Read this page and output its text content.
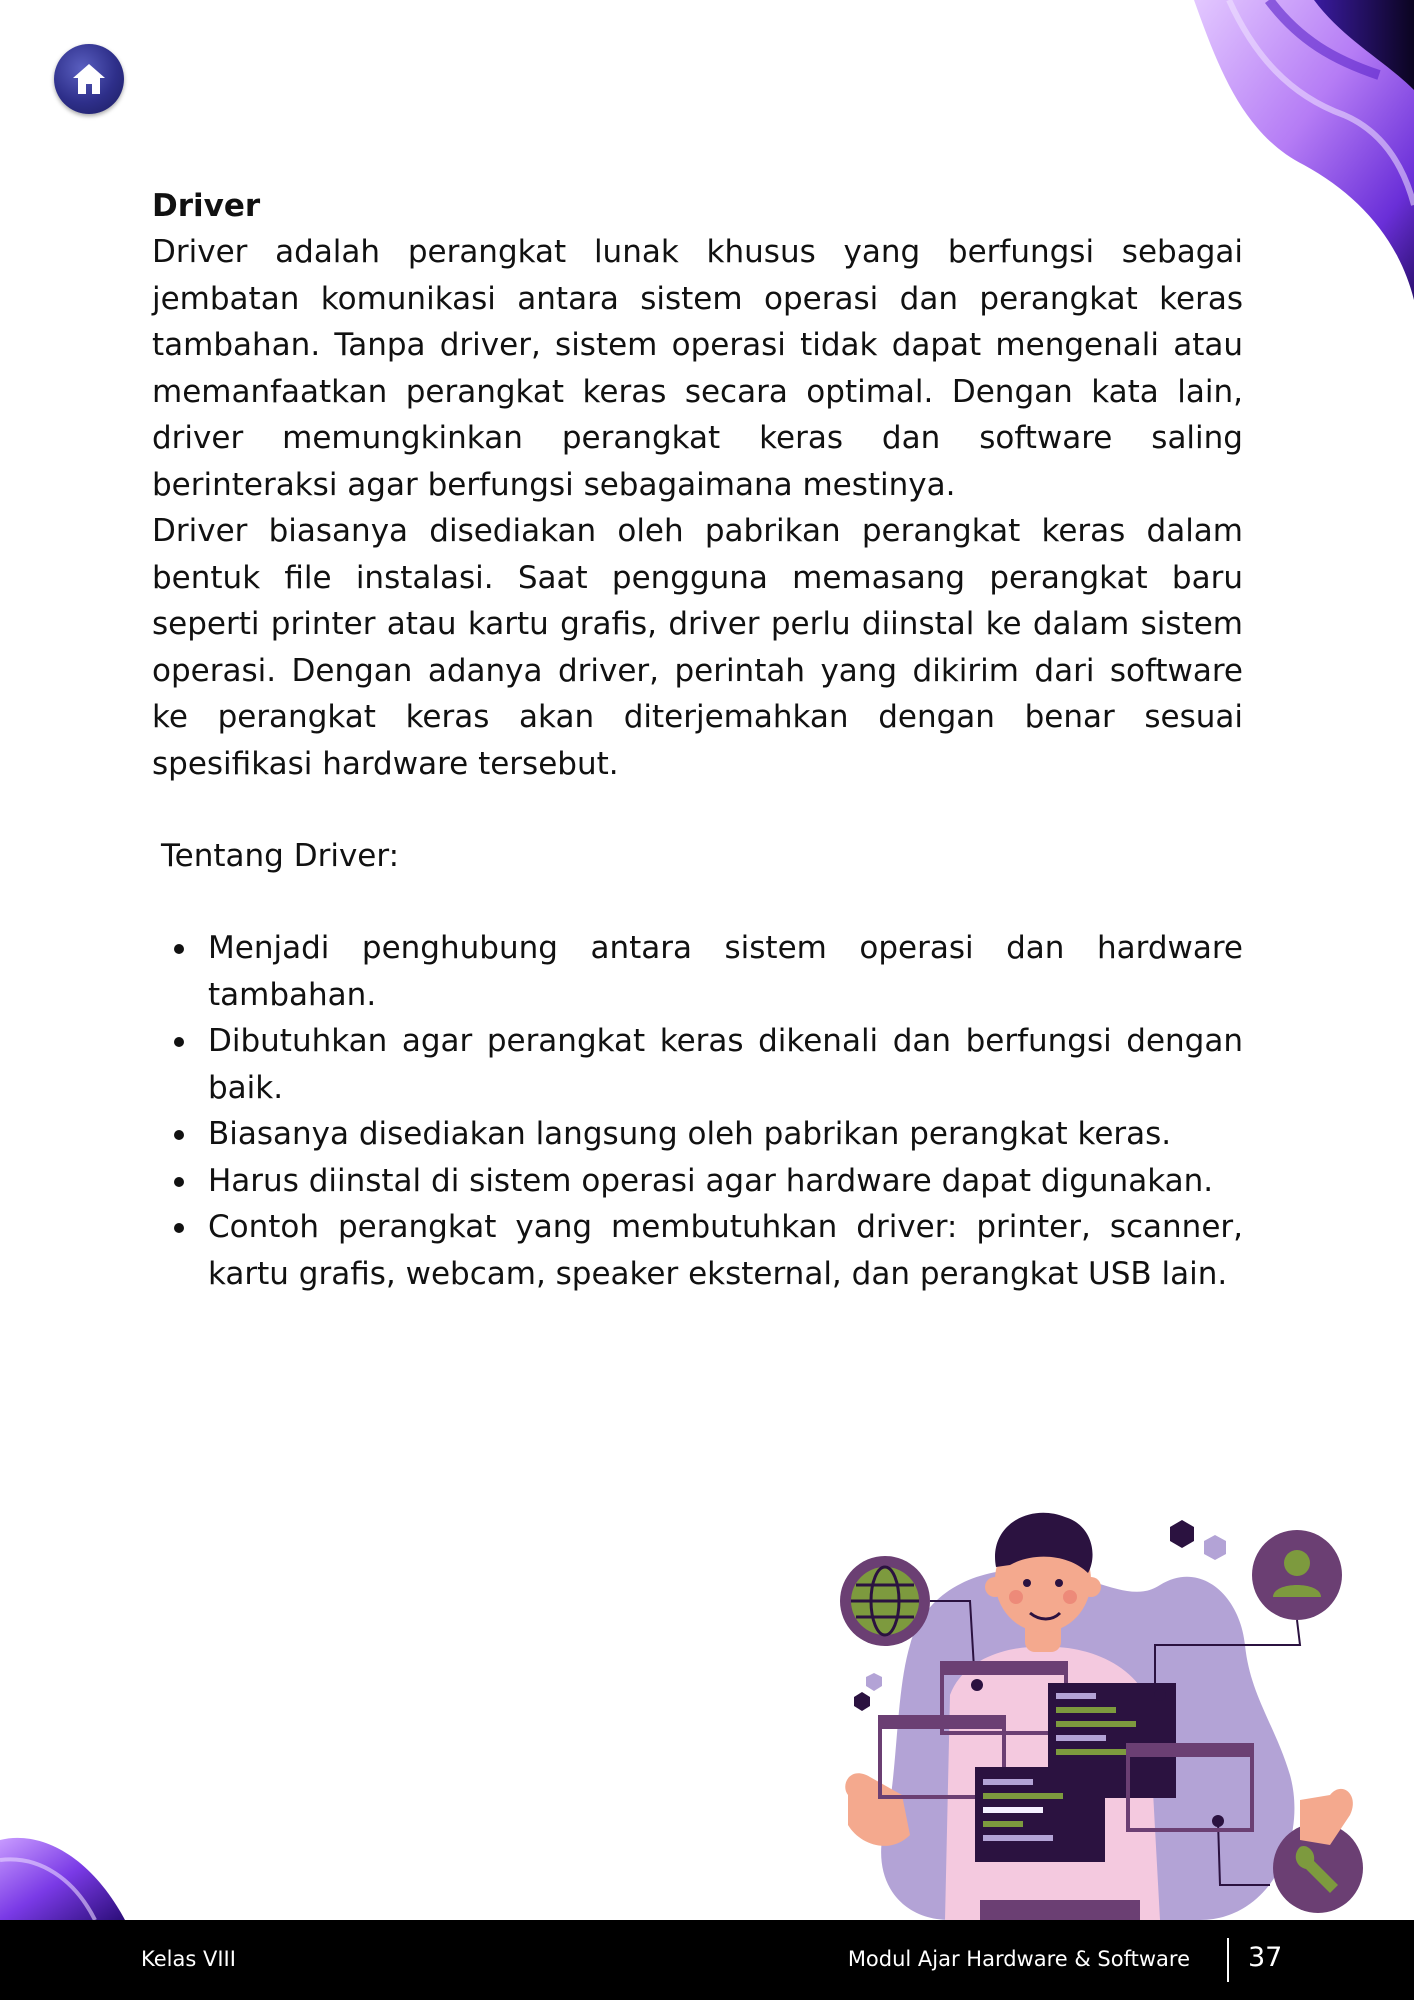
Driver

Driver adalah perangkat lunak khusus yang berfungsi sebagai jembatan komunikasi antara sistem operasi dan perangkat keras tambahan. Tanpa driver, sistem operasi tidak dapat mengenali atau memanfaatkan perangkat keras secara optimal. Dengan kata lain, driver memungkinkan perangkat keras dan software saling berinteraksi agar berfungsi sebagaimana mestinya.

Driver biasanya disediakan oleh pabrikan perangkat keras dalam bentuk file instalasi. Saat pengguna memasang perangkat baru seperti printer atau kartu grafis, driver perlu diinstal ke dalam sistem operasi. Dengan adanya driver, perintah yang dikirim dari software ke perangkat keras akan diterjemahkan dengan benar sesuai spesifikasi hardware tersebut.

Tentang Driver:
Menjadi penghubung antara sistem operasi dan hardware tambahan.
Dibutuhkan agar perangkat keras dikenali dan berfungsi dengan baik.
Biasanya disediakan langsung oleh pabrikan perangkat keras.
Harus diinstal di sistem operasi agar hardware dapat digunakan.
Contoh perangkat yang membutuhkan driver: printer, scanner, kartu grafis, webcam, speaker eksternal, dan perangkat USB lain.
Kelas VIII	Modul Ajar Hardware & Software 37
